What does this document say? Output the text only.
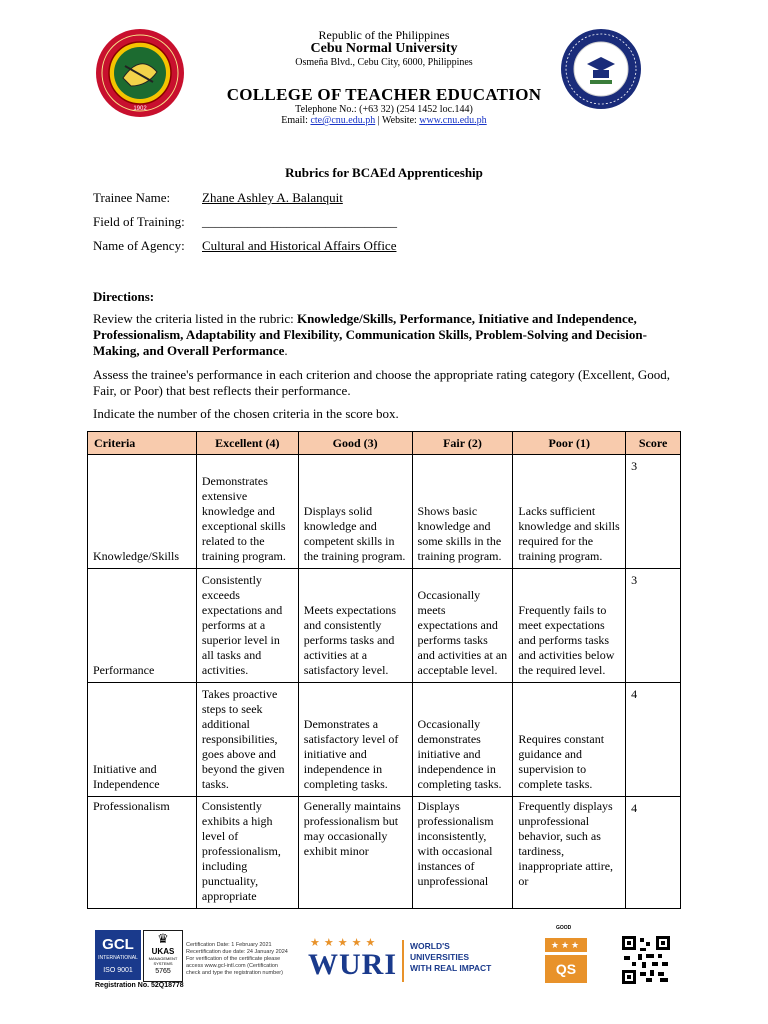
1902
Republic of the Philippines
Cebu Normal University
Osmeña Blvd., Cebu City, 6000, Philippines
COLLEGE OF TEACHER EDUCATION
Telephone No.: (+63 32) (254 1452 loc.144)
Email: cte@cnu.edu.ph | Website: www.cnu.edu.ph
Rubrics for BCAEd Apprenticeship
Trainee Name: Zhane Ashley A. Balanquit
Field of Training: ______________________________
Name of Agency: Cultural and Historical Affairs Office
Directions:
Review the criteria listed in the rubric: Knowledge/Skills, Performance, Initiative and Independence, Professionalism, Adaptability and Flexibility, Communication Skills, Problem-Solving and Decision-Making, and Overall Performance.
Assess the trainee's performance in each criterion and choose the appropriate rating category (Excellent, Good, Fair, or Poor) that best reflects their performance.
Indicate the number of the chosen criteria in the score box.
Criteria	Excellent (4)	Good (3)	Fair (2)	Poor (1)	Score
Knowledge/Skills	Demonstrates extensive knowledge and exceptional skills related to the training program.	Displays solid knowledge and competent skills in the training program.	Shows basic knowledge and some skills in the training program.	Lacks sufficient knowledge and skills required for the training program.	3
Performance	Consistently exceeds expectations and performs at a superior level in all tasks and activities.	Meets expectations and consistently performs tasks and activities at a satisfactory level.	Occasionally meets expectations and performs tasks and activities at an acceptable level.	Frequently fails to meet expectations and performs tasks and activities below the required level.	3
Initiative and Independence	Takes proactive steps to seek additional responsibilities, goes above and beyond the given tasks.	Demonstrates a satisfactory level of initiative and independence in completing tasks.	Occasionally demonstrates initiative and independence in completing tasks.	Requires constant guidance and supervision to complete tasks.	4
Professionalism	Consistently exhibits a high level of professionalism, including punctuality, appropriate	Generally maintains professionalism but may occasionally exhibit minor	Displays professionalism inconsistently, with occasional instances of unprofessional	Frequently displays unprofessional behavior, such as tardiness, inappropriate attire, or	4
GCL
INTERNATIONAL
ISO 9001
♛
UKAS
MANAGEMENT SYSTEMS
5765
Registration No. 52Q18778
Certification Date: 1 February 2021
Recertification due date: 24 January 2024
For verification of the certificate please
access www.gcl-intl.com (Certification
check and type the registration number)
★★★★★
WURI
WORLD'S
UNIVERSITIES
WITH REAL IMPACT
GOOD
★★★
QS
